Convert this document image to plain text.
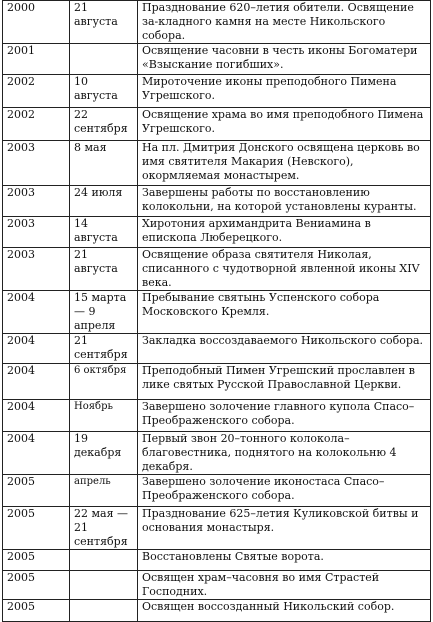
2000	21 августа	Празднование 620–летия обители. Освящение за-кладного камня на месте Никольского собора.
2001		Освящение часовни в честь иконы Богоматери «Взыскание погибших».
2002	10 августа	Мироточение иконы преподобного Пимена Угрешского.
2002	22 сентября	Освящение храма во имя преподобного Пимена Угрешского.
2003	8 мая	На пл. Дмитрия Донского освящена церковь во имя святителя Макария (Невского), окормляемая монастырем.
2003	24 июля	Завершены работы по восстановлению колокольни, на которой установлены куранты.
2003	14 августа	Хиротония архимандрита Вениамина в епископа Люберецкого.
2003	21 августа	Освящение образа святителя Николая, списанного с чудотворной явленной иконы XIV века.
2004	15 марта — 9 апреля	Пребывание святынь Успенского собора Московского Кремля.
2004	21 сентября	Закладка воссоздаваемого Никольского собора.
2004	6 октября	Преподобный Пимен Угрешский прославлен в лике святых Русской Православной Церкви.
2004	Ноябрь	Завершено золочение главного купола Спасо–Преображенского собора.
2004	19 декабря	Первый звон 20–тонного колокола–благовестника, поднятого на колокольню 4 декабря.
2005	апрель	Завершено золочение иконостаса Спасо–Преображенского собора.
2005	22 мая — 21 сентября	Празднование 625–летия Куликовской битвы и основания монастыря.
2005		Восстановлены Святые ворота.
2005		Освящен храм–часовня во имя Страстей Господних.
2005		Освящен воссозданный Никольский собор.
